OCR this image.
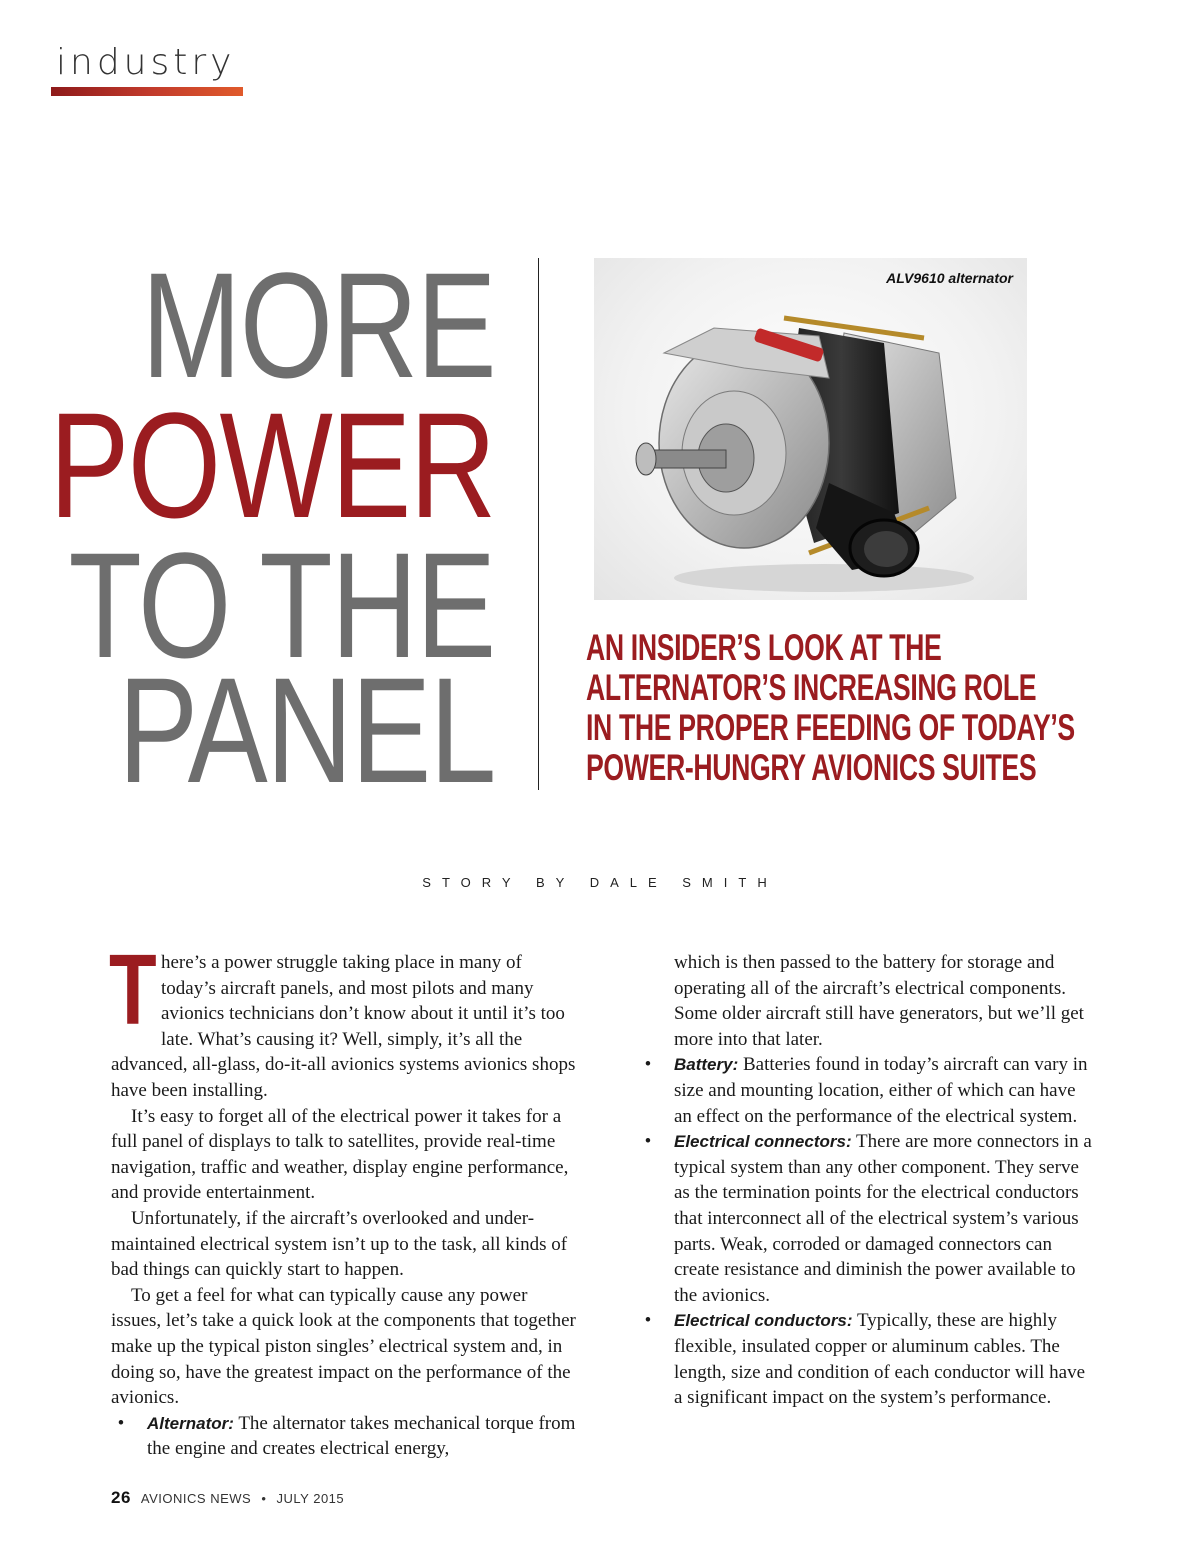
industry
MORE
POWER
TO THE
PANEL
ALV9610 alternator
AN INSIDER’S LOOK AT THE
ALTERNATOR’S INCREASING ROLE
IN THE PROPER FEEDING OF TODAY’S
POWER-HUNGRY AVIONICS SUITES
STORY BY DALE SMITH

There’s a power struggle taking place in many of today’s aircraft panels, and most pilots and many avionics technicians don’t know about it until it’s too late. What’s causing it? Well, simply, it’s all the advanced, all-glass, do-it-all avionics systems avionics shops have been installing.

It’s easy to forget all of the electrical power it takes for a full panel of displays to talk to satellites, provide real-time navigation, traffic and weather, display engine performance, and provide entertainment.

Unfortunately, if the aircraft’s overlooked and under-maintained electrical system isn’t up to the task, all kinds of bad things can quickly start to happen.

To get a feel for what can typically cause any power issues, let’s take a quick look at the components that together make up the typical piston singles’ electrical system and, in doing so, have the greatest impact on the performance of the avionics.

•	Alternator: The alternator takes mechanical torque from the engine and creates electrical energy,

which is then passed to the battery for storage and operating all of the aircraft’s electrical components. Some older aircraft still have generators, but we’ll get more into that later.

•	Battery: Batteries found in today’s aircraft can vary in size and mounting location, either of which can have an effect on the performance of the electrical system.

•	Electrical connectors: There are more connectors in a typical system than any other component. They serve as the termination points for the electrical conductors that interconnect all of the electrical system’s various parts. Weak, corroded or damaged connectors can create resistance and diminish the power available to the avionics.

•	Electrical conductors: Typically, these are highly flexible, insulated copper or aluminum cables. The length, size and condition of each conductor will have a significant impact on the system’s performance.

26 AVIONICS NEWS • JULY 2015
